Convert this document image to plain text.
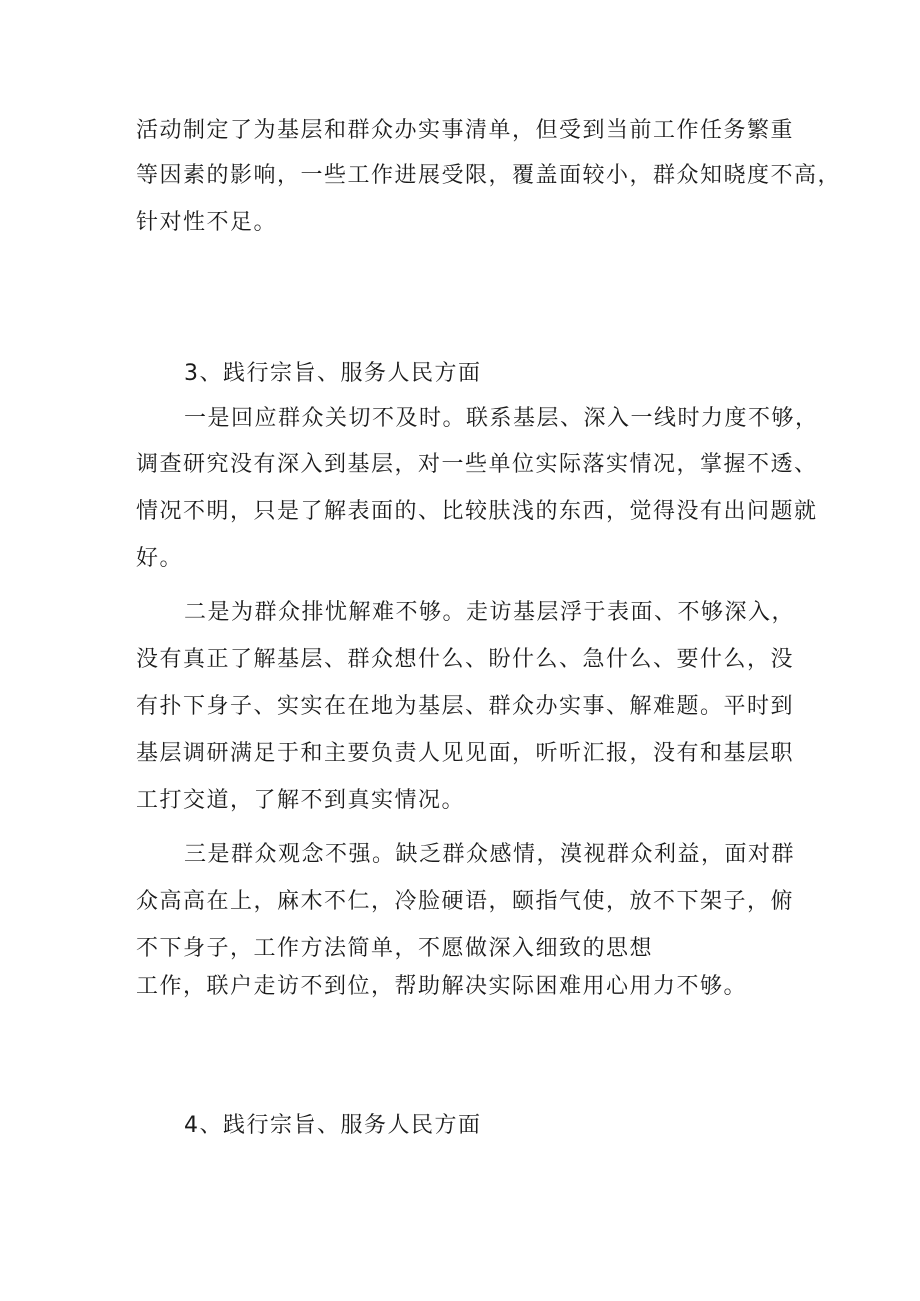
活动制定了为基层和群众办实事清单，但受到当前工作任务繁重
等因素的影响，一些工作进展受限，覆盖面较小，群众知晓度不高，
针对性不足。
3、践行宗旨、服务人民方面
一是回应群众关切不及时。联系基层、深入一线时力度不够，
调查研究没有深入到基层，对一些单位实际落实情况，掌握不透、
情况不明，只是了解表面的、比较肤浅的东西，觉得没有出问题就
好。
二是为群众排忧解难不够。走访基层浮于表面、不够深入，
没有真正了解基层、群众想什么、盼什么、急什么、要什么，没
有扑下身子、实实在在地为基层、群众办实事、解难题。平时到
基层调研满足于和主要负责人见见面，听听汇报，没有和基层职
工打交道，了解不到真实情况。
三是群众观念不强。缺乏群众感情，漠视群众利益，面对群
众高高在上，麻木不仁，冷脸硬语，颐指气使，放不下架子，俯
不下身子，工作方法简单，不愿做深入细致的思想
工作，联户走访不到位，帮助解决实际困难用心用力不够。
4、践行宗旨、服务人民方面
